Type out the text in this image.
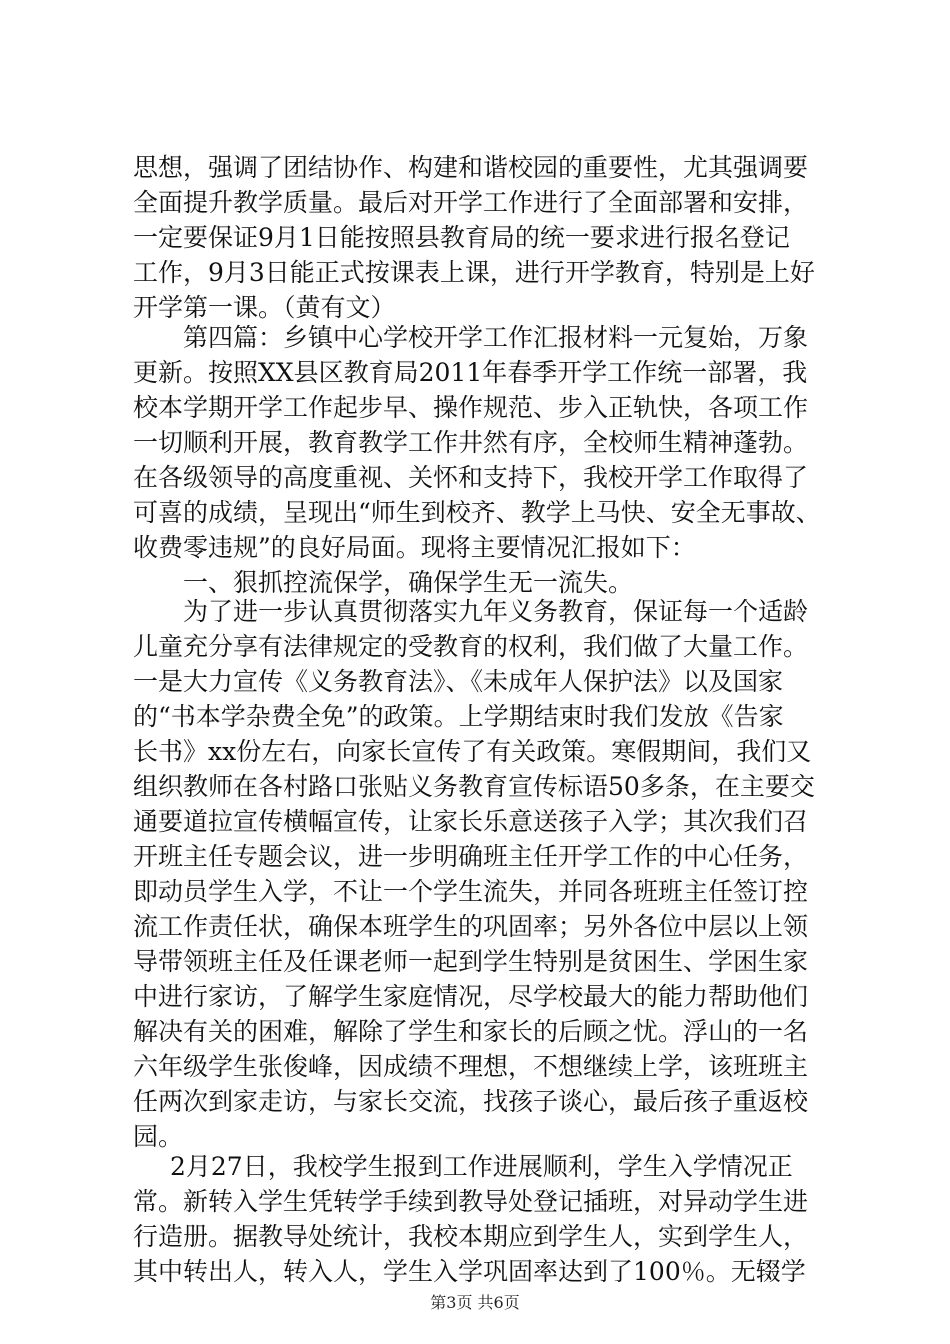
思想，强调了团结协作、构建和谐校园的重要性，尤其强调要
全面提升教学质量。最后对开学工作进行了全面部署和安排，
一定要保证9月1日能按照县教育局的统一要求进行报名登记
工作，9月3日能正式按课表上课，进行开学教育，特别是上好
开学第一课。（黄有文）
第四篇：乡镇中心学校开学工作汇报材料一元复始，万象
更新。按照XX县区教育局2011年春季开学工作统一部署，我
校本学期开学工作起步早、操作规范、步入正轨快，各项工作
一切顺利开展，教育教学工作井然有序，全校师生精神蓬勃。
在各级领导的高度重视、关怀和支持下，我校开学工作取得了
可喜的成绩，呈现出“师生到校齐、教学上马快、安全无事故、
收费零违规”的良好局面。现将主要情况汇报如下：
一、狠抓控流保学，确保学生无一流失。
为了进一步认真贯彻落实九年义务教育，保证每一个适龄
儿童充分享有法律规定的受教育的权利，我们做了大量工作。
一是大力宣传《义务教育法》、《未成年人保护法》以及国家
的“书本学杂费全免”的政策。上学期结束时我们发放《告家
长书》xx份左右，向家长宣传了有关政策。寒假期间，我们又
组织教师在各村路口张贴义务教育宣传标语50多条，在主要交
通要道拉宣传横幅宣传，让家长乐意送孩子入学；其次我们召
开班主任专题会议，进一步明确班主任开学工作的中心任务，
即动员学生入学，不让一个学生流失，并同各班班主任签订控
流工作责任状，确保本班学生的巩固率；另外各位中层以上领
导带领班主任及任课老师一起到学生特别是贫困生、学困生家
中进行家访，了解学生家庭情况，尽学校最大的能力帮助他们
解决有关的困难，解除了学生和家长的后顾之忧。浮山的一名
六年级学生张俊峰，因成绩不理想，不想继续上学，该班班主
任两次到家走访，与家长交流，找孩子谈心，最后孩子重返校
园。
2月27日，我校学生报到工作进展顺利，学生入学情况正
常。新转入学生凭转学手续到教导处登记插班，对异动学生进
行造册。据教导处统计，我校本期应到学生人，实到学生人，
其中转出人，转入人，学生入学巩固率达到了100％。无辍学
第3页 共6页
